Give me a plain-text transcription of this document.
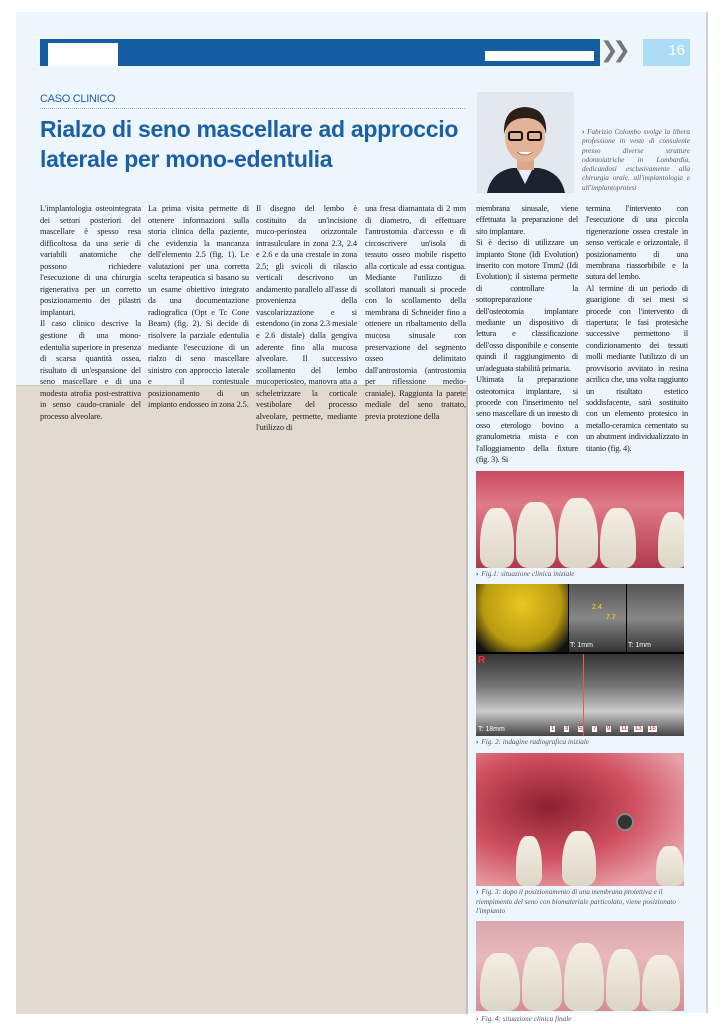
❯❯	16
CASO CLINICO
Rialzo di seno mascellare ad approccio laterale per mono-edentulia
› Fabrizio Colombo svolge la libera professione in veste di consulente presso diverse strutture odontoiatriche in Lombardia, dedicandosi esclusivamente alla chirurgia orale, all'implantologia e all'implantoprotesi

L'implantologia osteointegrata dei settori posteriori del mascellare è spesso resa difficoltosa da una serie di variabili anatomiche che possono richiedere l'esecuzione di una chirurgia rigenerativa per un corretto posizionamento dei pilastri implantari.

Il caso clinico descrive la gestione di una mono-edentulia superiore in presenza di scarsa quantità ossea, risultato di un'espansione del seno mascellare e di una modesta atrofia post-estrattiva in senso caudo-craniale del processo alveolare.

La prima visita permette di ottenere informazioni sulla storia clinica della paziente, che evidenzia la mancanza dell'elemento 2.5 (fig. 1). Le valutazioni per una corretta scelta terapeutica si basano su un esame obiettivo integrato da una documentazione radiografica (Opt e Tc Cone Beam) (fig. 2). Si decide di risolvere la parziale edentulia mediante l'esecuzione di un rialzo di seno mascellare sinistro con approccio laterale e il contestuale posizionamento di un impianto endosseo in zona 2.5.

Il disegno del lembo è costituito da un'incisione muco-periostea orizzontale intrasulculare in zona 2.3, 2.4 e 2.6 e da una crestale in zona 2.5; gli svicoli di rilascio verticali descrivono un andamento parallelo all'asse di provenienza della vascolarizzazione e si estendono (in zona 2.3 mesiale e 2.6 distale) dalla gengiva aderente fino alla mucosa alveolare. Il successivo scollamento del lembo mucoperiosteo, manovra atta a scheletrizzare la corticale vestibolare del processo alveolare, permette, mediante l'utilizzo di

una fresa diamantata di 2 mm di diametro, di effettuare l'antrostomia d'accesso e di circoscrivere un'isola di tessuto osseo mobile rispetto alla corticale ad essa contigua. Mediante l'utilizzo di scollatori manuali si procede con lo scollamento della membrana di Schneider fino a ottenere un ribaltamento della mucosa sinusale con preservazione del segmento osseo delimitato dall'antrostomia (antrostomia per riflessione medio-craniale). Raggiunta la parete mediale del seno trattato, previa protezione della

membrana sinusale, viene effettuata la preparazione del sito implantare.

Si è deciso di utilizzare un impianto Stone (Idi Evolution) inserito con motore Tmm2 (Idi Evolution); il sistema permette di controllare la sottopreparazione dell'osteotomia implantare mediante un dispositivo di lettura e classificazione dell'osso disponibile e consente quindi il raggiungimento di un'adeguata stabilità primaria.

Ultimata la preparazione osteotomica implantare, si procede con l'inserimento nel seno mascellare di un innesto di osso eterologo bovino a granulometria mista e con l'alloggiamento della fixture (fig. 3). Si

termina l'intervento con l'esecuzione di una piccola rigenerazione ossea crestale in senso verticale e orizzontale, il posizionamento di una membrana riassorbibile e la sutura del lembo.

Al termine di un periodo di guarigione di sei mesi si procede con l'intervento di riapertura; le fasi protesiche successive permettono il condizionamento dei tessuti molli mediante l'utilizzo di un provvisorio avvitato in resina acrilica che, una volta raggiunto un risultato estetico soddisfacente, sarà sostituito con un elemento protesico in metallo-ceramica cementato su un abutment individualizzato in titanio (fig. 4).

› Fig.1: situazione clinica iniziale
2.4
7.7
T: 1mm	T: 1mm
R
T: 18mm	1 3 5 7 9 11 13 15
› Fig. 2: indagine radiografica iniziale
› Fig. 3: dopo il posizionamento di una membrana protettiva e il riempimento del seno con biomateriale particolato, viene posizionato l'impianto
› Fig. 4: situazione clinica finale
